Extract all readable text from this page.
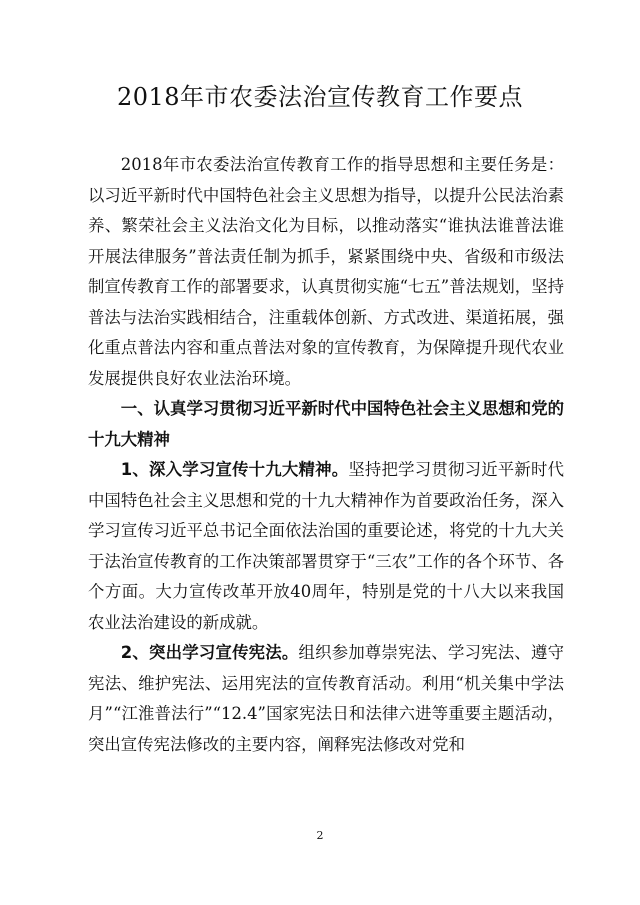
2018年市农委法治宣传教育工作要点

2018年市农委法治宣传教育工作的指导思想和主要任务是：以习近平新时代中国特色社会主义思想为指导，以提升公民法治素养、繁荣社会主义法治文化为目标，以推动落实“谁执法谁普法谁开展法律服务”普法责任制为抓手，紧紧围绕中央、省级和市级法制宣传教育工作的部署要求，认真贯彻实施“七五”普法规划，坚持普法与法治实践相结合，注重载体创新、方式改进、渠道拓展，强化重点普法内容和重点普法对象的宣传教育，为保障提升现代农业发展提供良好农业法治环境。

一、认真学习贯彻习近平新时代中国特色社会主义思想和党的十九大精神

1、深入学习宣传十九大精神。坚持把学习贯彻习近平新时代中国特色社会主义思想和党的十九大精神作为首要政治任务，深入学习宣传习近平总书记全面依法治国的重要论述，将党的十九大关于法治宣传教育的工作决策部署贯穿于“三农”工作的各个环节、各个方面。大力宣传改革开放40周年，特别是党的十八大以来我国农业法治建设的新成就。

2、突出学习宣传宪法。组织参加尊崇宪法、学习宪法、遵守宪法、维护宪法、运用宪法的宣传教育活动。利用“机关集中学法月”“江淮普法行”“12.4”国家宪法日和法律六进等重要主题活动，突出宣传宪法修改的主要内容，阐释宪法修改对党和

2
